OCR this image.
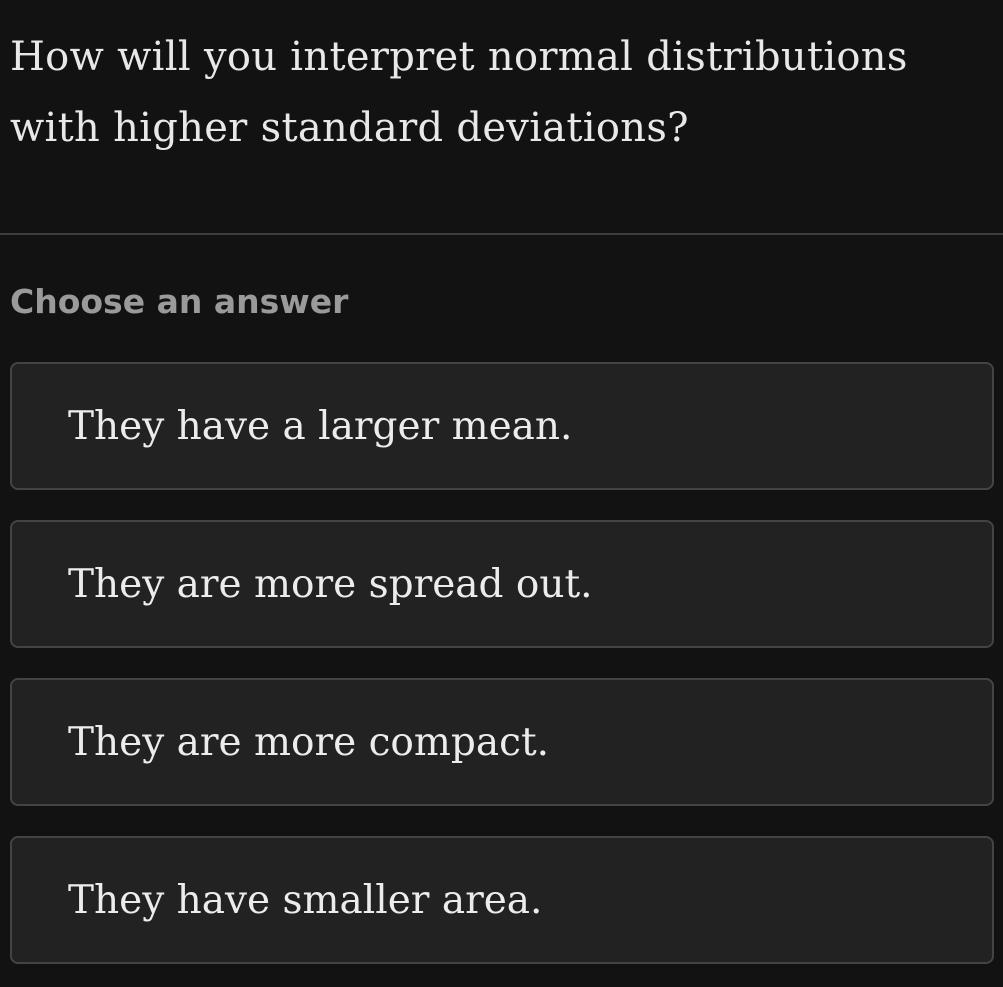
How will you interpret normal distributions with higher standard deviations?
Choose an answer
They have a larger mean.
They are more spread out.
They are more compact.
They have smaller area.
